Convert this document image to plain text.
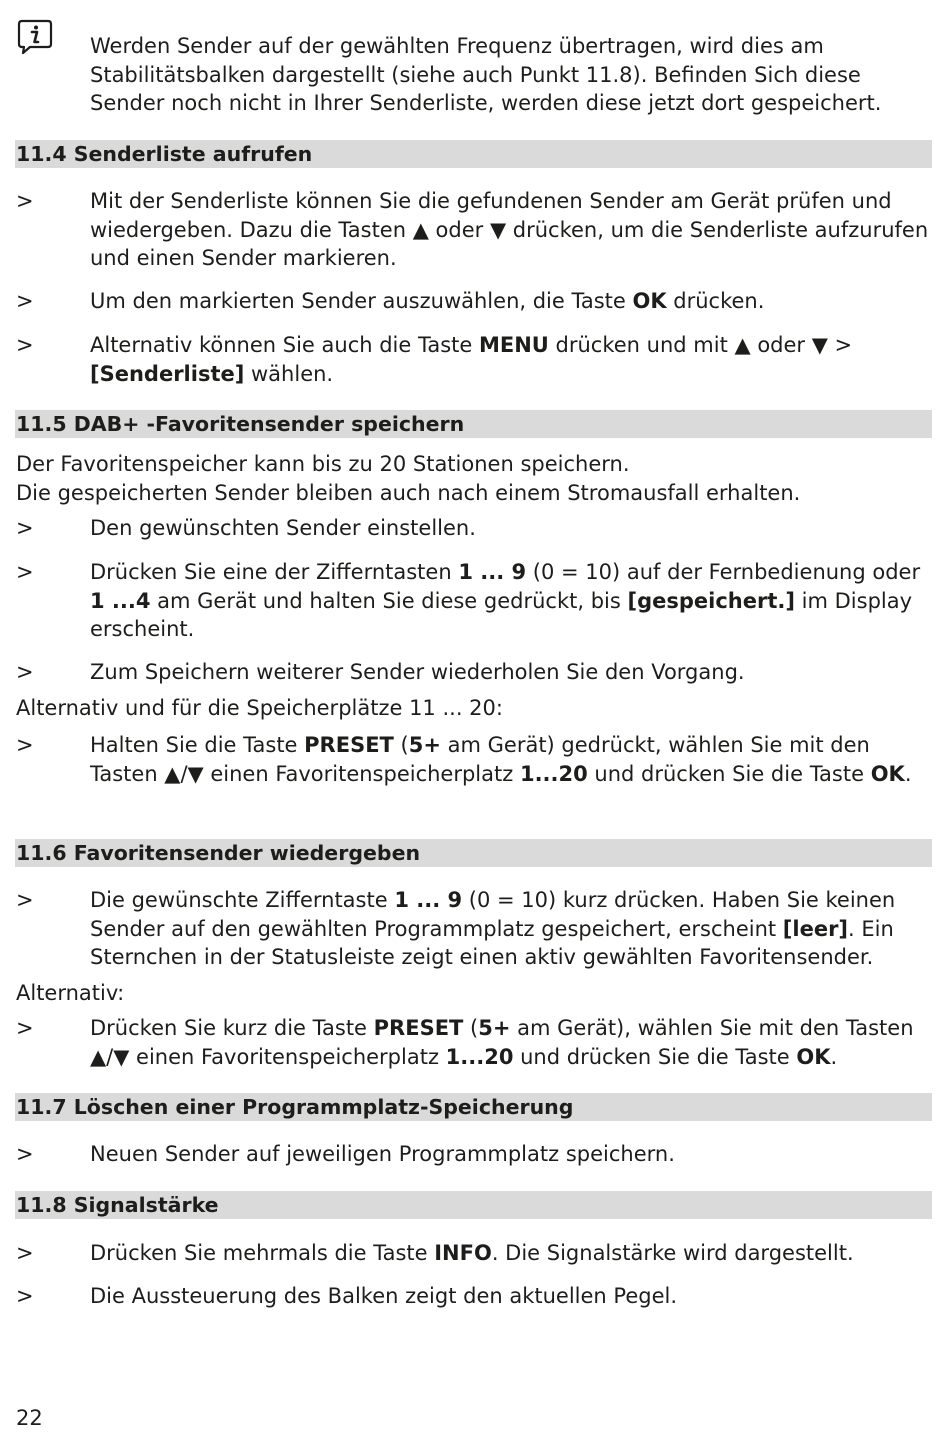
Werden Sender auf der gewählten Frequenz übertragen, wird dies am Stabilitätsbalken dargestellt (siehe auch Punkt 11.8). Befinden Sich diese Sender noch nicht in Ihrer Senderliste, werden diese jetzt dort gespeichert.
11.4 Senderliste aufrufen
>	Mit der Senderliste können Sie die gefundenen Sender am Gerät prüfen und wiedergeben. Dazu die Tasten ▲ oder ▼ drücken, um die Senderliste aufzurufen und einen Sender markieren.
>	Um den markierten Sender auszuwählen, die Taste OK drücken.
>	Alternativ können Sie auch die Taste MENU drücken und mit ▲ oder ▼ > [Senderliste] wählen.
11.5 DAB+ -Favoritensender speichern
Der Favoritenspeicher kann bis zu 20 Stationen speichern.
Die gespeicherten Sender bleiben auch nach einem Stromausfall erhalten.
>	Den gewünschten Sender einstellen.
>	Drücken Sie eine der Zifferntasten 1 ... 9 (0 = 10) auf der Fernbedienung oder 1 ...4 am Gerät und halten Sie diese gedrückt, bis [gespeichert.] im Display erscheint.
>	Zum Speichern weiterer Sender wiederholen Sie den Vorgang.
Alternativ und für die Speicherplätze 11 ... 20:
>	Halten Sie die Taste PRESET (5+ am Gerät) gedrückt, wählen Sie mit den Tasten ▲/▼ einen Favoritenspeicherplatz 1...20 und drücken Sie die Taste OK.
11.6 Favoritensender wiedergeben
>	Die gewünschte Zifferntaste 1 ... 9 (0 = 10) kurz drücken. Haben Sie keinen Sender auf den gewählten Programmplatz gespeichert, erscheint [leer]. Ein Sternchen in der Statusleiste zeigt einen aktiv gewählten Favoritensender.
Alternativ:
>	Drücken Sie kurz die Taste PRESET (5+ am Gerät), wählen Sie mit den Tasten ▲/▼ einen Favoritenspeicherplatz 1...20 und drücken Sie die Taste OK.
11.7 Löschen einer Programmplatz-Speicherung
>	Neuen Sender auf jeweiligen Programmplatz speichern.
11.8 Signalstärke
>	Drücken Sie mehrmals die Taste INFO. Die Signalstärke wird dargestellt.
>	Die Aussteuerung des Balken zeigt den aktuellen Pegel.
22
